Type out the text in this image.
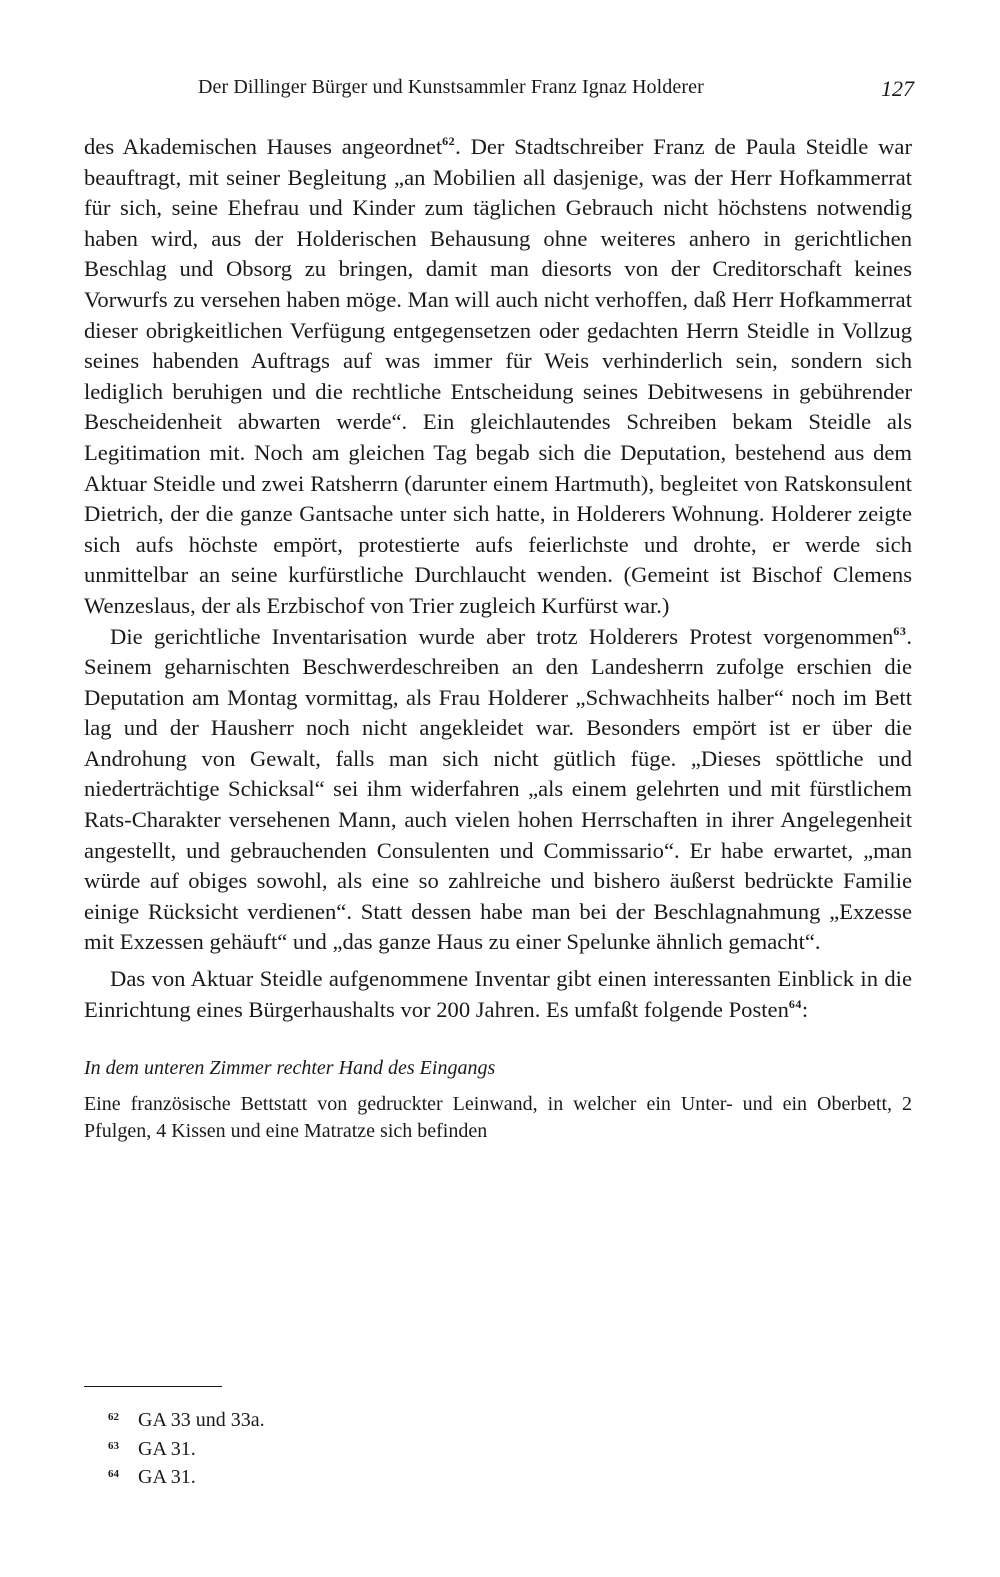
Der Dillinger Bürger und Kunstsammler Franz Ignaz Holderer	127

des Akademischen Hauses angeordnet$^{62}$. Der Stadtschreiber Franz de Paula Steidle war beauftragt, mit seiner Begleitung „an Mobilien all dasjenige, was der Herr Hofkammerrat für sich, seine Ehefrau und Kinder zum täglichen Gebrauch nicht höchstens notwendig haben wird, aus der Holderischen Behausung ohne weiteres anhero in gerichtlichen Beschlag und Obsorg zu bringen, damit man diesorts von der Creditorschaft keines Vorwurfs zu versehen haben möge. Man will auch nicht verhoffen, daß Herr Hofkammerrat dieser obrigkeitlichen Verfügung entgegensetzen oder gedachten Herrn Steidle in Vollzug seines habenden Auftrags auf was immer für Weis verhinderlich sein, sondern sich lediglich beruhigen und die rechtliche Entscheidung seines Debitwesens in gebührender Bescheidenheit abwarten werde“. Ein gleichlautendes Schreiben bekam Steidle als Legitimation mit. Noch am gleichen Tag begab sich die Deputation, bestehend aus dem Aktuar Steidle und zwei Ratsherrn (darunter einem Hartmuth), begleitet von Ratskonsulent Dietrich, der die ganze Gantsache unter sich hatte, in Holderers Wohnung. Holderer zeigte sich aufs höchste empört, protestierte aufs feierlichste und drohte, er werde sich unmittelbar an seine kurfürstliche Durchlaucht wenden. (Gemeint ist Bischof Clemens Wenzeslaus, der als Erzbischof von Trier zugleich Kurfürst war.)

Die gerichtliche Inventarisation wurde aber trotz Holderers Protest vorgenommen$^{63}$. Seinem geharnischten Beschwerdeschreiben an den Landesherrn zufolge erschien die Deputation am Montag vormittag, als Frau Holderer „Schwachheits halber“ noch im Bett lag und der Hausherr noch nicht angekleidet war. Besonders empört ist er über die Androhung von Gewalt, falls man sich nicht gütlich füge. „Dieses spöttliche und niederträchtige Schicksal“ sei ihm widerfahren „als einem gelehrten und mit fürstlichem Rats-Charakter versehenen Mann, auch vielen hohen Herrschaften in ihrer Angelegenheit angestellt, und gebrauchenden Consulenten und Commissario“. Er habe erwartet, „man würde auf obiges sowohl, als eine so zahlreiche und bishero äußerst bedrückte Familie einige Rücksicht verdienen“. Statt dessen habe man bei der Beschlagnahmung „Exzesse mit Exzessen gehäuft“ und „das ganze Haus zu einer Spelunke ähnlich gemacht“.

Das von Aktuar Steidle aufgenommene Inventar gibt einen interessanten Einblick in die Einrichtung eines Bürgerhaushalts vor 200 Jahren. Es umfaßt folgende Posten$^{64}$:

In dem unteren Zimmer rechter Hand des Eingangs

Eine französische Bettstatt von gedruckter Leinwand, in welcher ein Unter- und ein Oberbett, 2 Pfulgen, 4 Kissen und eine Matratze sich befinden

62 GA 33 und 33a.
63 GA 31.
64 GA 31.
